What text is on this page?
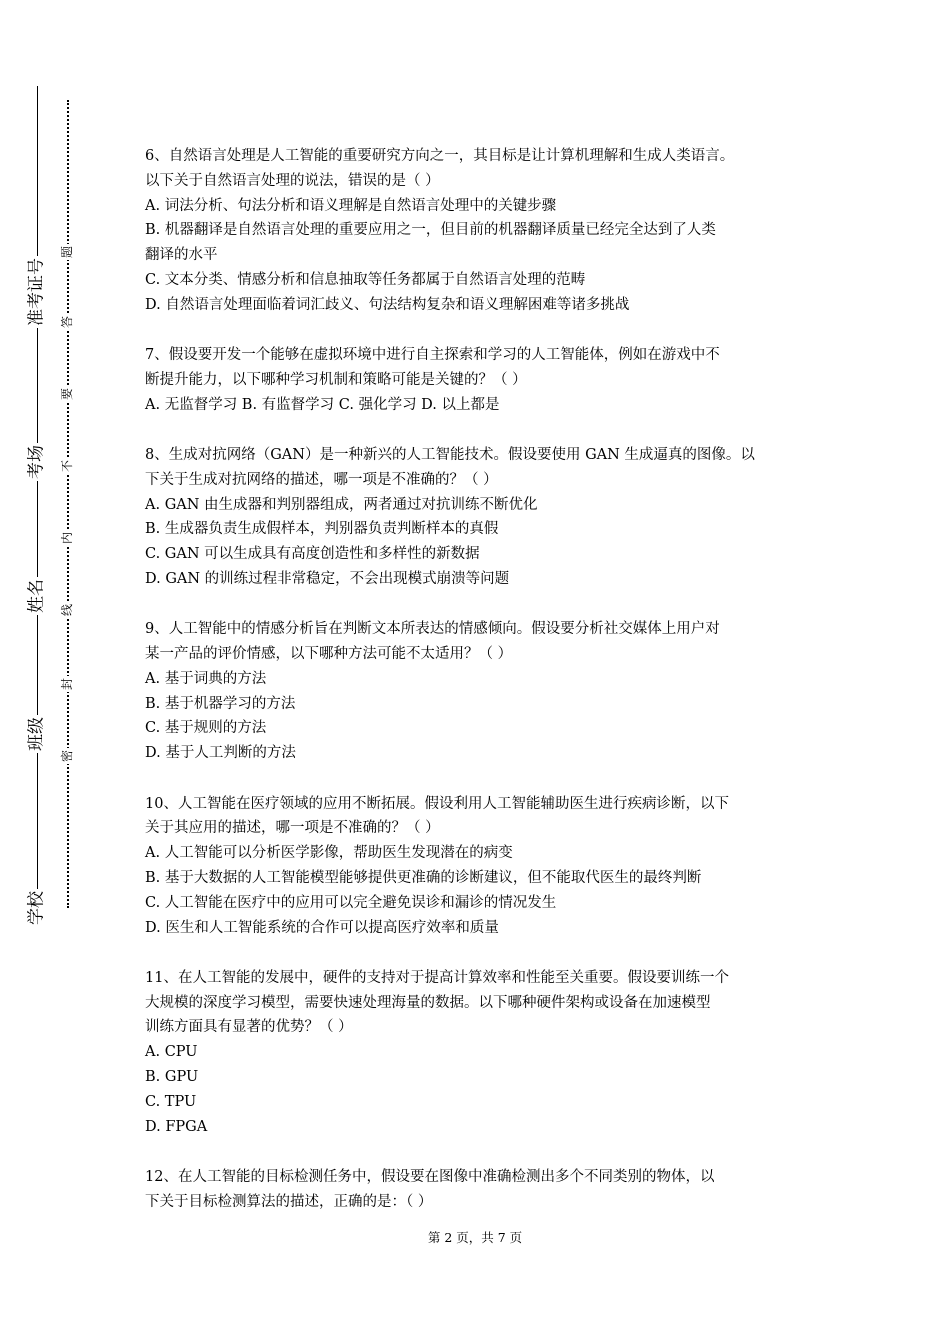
准考证号
考场
姓名
班级
学校
题
答
要
不
内
线
封
密
6、自然语言处理是人工智能的重要研究方向之一，其目标是让计算机理解和生成人类语言。
以下关于自然语言处理的说法，错误的是（ ）
A. 词法分析、句法分析和语义理解是自然语言处理中的关键步骤
B. 机器翻译是自然语言处理的重要应用之一，但目前的机器翻译质量已经完全达到了人类
翻译的水平
C. 文本分类、情感分析和信息抽取等任务都属于自然语言处理的范畴
D. 自然语言处理面临着词汇歧义、句法结构复杂和语义理解困难等诸多挑战
7、假设要开发一个能够在虚拟环境中进行自主探索和学习的人工智能体，例如在游戏中不
断提升能力，以下哪种学习机制和策略可能是关键的？（ ）
A. 无监督学习 B. 有监督学习 C. 强化学习 D. 以上都是
8、生成对抗网络（GAN）是一种新兴的人工智能技术。假设要使用 GAN 生成逼真的图像。以
下关于生成对抗网络的描述，哪一项是不准确的？（ ）
A. GAN 由生成器和判别器组成，两者通过对抗训练不断优化
B. 生成器负责生成假样本，判别器负责判断样本的真假
C. GAN 可以生成具有高度创造性和多样性的新数据
D. GAN 的训练过程非常稳定，不会出现模式崩溃等问题
9、人工智能中的情感分析旨在判断文本所表达的情感倾向。假设要分析社交媒体上用户对
某一产品的评价情感，以下哪种方法可能不太适用？（ ）
A. 基于词典的方法
B. 基于机器学习的方法
C. 基于规则的方法
D. 基于人工判断的方法
10、人工智能在医疗领域的应用不断拓展。假设利用人工智能辅助医生进行疾病诊断，以下
关于其应用的描述，哪一项是不准确的？（ ）
A. 人工智能可以分析医学影像，帮助医生发现潜在的病变
B. 基于大数据的人工智能模型能够提供更准确的诊断建议，但不能取代医生的最终判断
C. 人工智能在医疗中的应用可以完全避免误诊和漏诊的情况发生
D. 医生和人工智能系统的合作可以提高医疗效率和质量
11、在人工智能的发展中，硬件的支持对于提高计算效率和性能至关重要。假设要训练一个
大规模的深度学习模型，需要快速处理海量的数据。以下哪种硬件架构或设备在加速模型
训练方面具有显著的优势？（ ）
A. CPU
B. GPU
C. TPU
D. FPGA
12、在人工智能的目标检测任务中，假设要在图像中准确检测出多个不同类别的物体，以
下关于目标检测算法的描述，正确的是：（ ）
第 2 页，共 7 页
